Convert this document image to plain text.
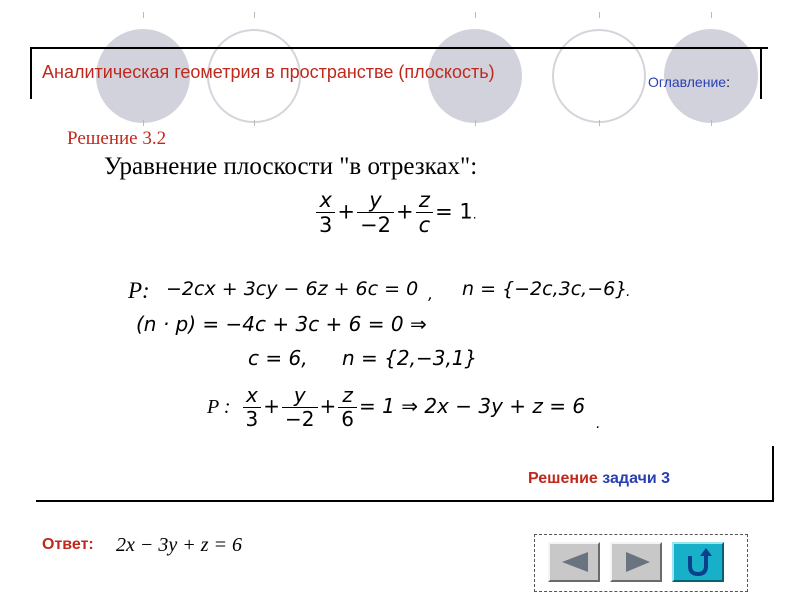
Аналитическая геометрия в пространстве (плоскость)	Оглавление:
Решение 3.2
Уравнение плоскости "в отрезках":
$\frac{x}{3} + \frac{y}{-2} + \frac{z}{c} = 1$.
P: −2cx + 3cy − 6z + 6c = 0 , n = {−2c,3c,−6}
.
(n · p) = −4c + 3c + 6 = 0 ⇒
c = 6, n = {2,−3,1}
P : $\frac{x}{3} + \frac{y}{-2} + \frac{z}{6} = 1$ ⇒ 2x − 3y + z = 6
.
Решение задачи 3
Ответ: 2x − 3y + z = 6
